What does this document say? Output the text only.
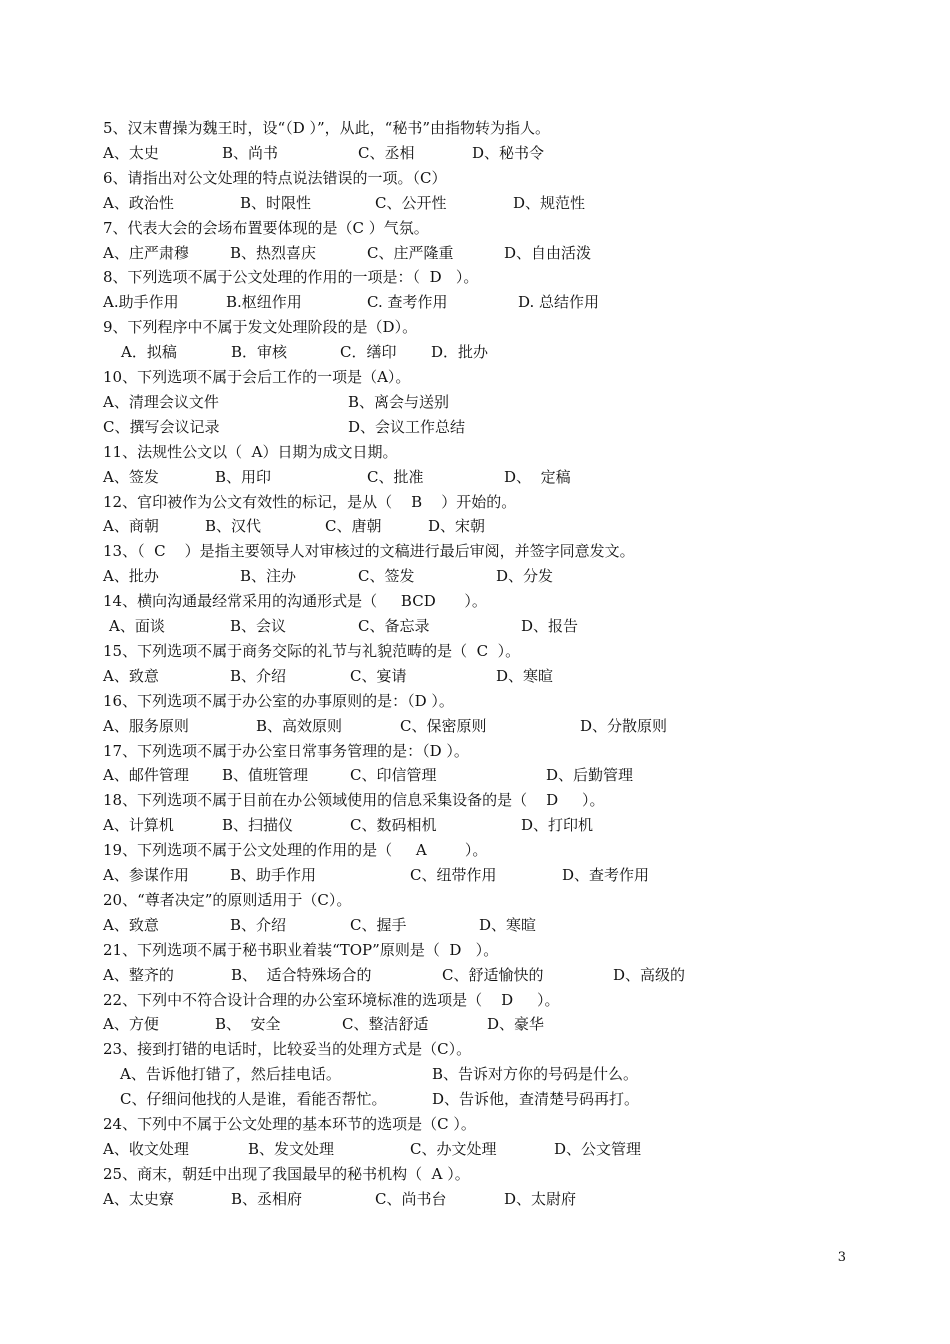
5、汉末曹操为魏王时，设“（D ）”，从此，“秘书”由指物转为指人。
A、太史	B、尚书	C、丞相	D、秘书令
6、请指出对公文处理的特点说法错误的一项。（C）
A、政治性	B、时限性	C、公开性	D、规范性
7、代表大会的会场布置要体现的是（C ）气氛。
A、庄严肃穆	B、热烈喜庆	C、庄严隆重	D、自由活泼
8、下列选项不属于公文处理的作用的一项是：（  D   ）。
A.助手作用	B.枢纽作用	C. 查考作用	D. 总结作用
9、下列程序中不属于发文处理阶段的是（D）。
A．拟稿	B．审核	C．缮印 D．批办
10、下列选项不属于会后工作的一项是（A）。
A、清理会议文件	B、离会与送别
C、撰写会议记录	D、会议工作总结
11、法规性公文以（  A）日期为成文日期。
A、签发	B、用印	C、批准	D、  定稿
12、官印被作为公文有效性的标记，是从（    B    ）开始的。
A、商朝	B、汉代	C、唐朝	D、宋朝
13、（  C    ）是指主要领导人对审核过的文稿进行最后审阅，并签字同意发文。
A、批办	B、注办	C、签发	D、分发
14、横向沟通最经常采用的沟通形式是（     BCD      ）。
A、面谈	B、会议	C、备忘录	D、报告
15、下列选项不属于商务交际的礼节与礼貌范畴的是（  C  ）。
A、致意	B、介绍	C、宴请	D、寒暄
16、下列选项不属于办公室的办事原则的是：（D ）。
A、服务原则	B、高效原则	C、保密原则	D、分散原则
17、下列选项不属于办公室日常事务管理的是：（D ）。
A、邮件管理 B、值班管理	C、印信管理	D、后勤管理
18、下列选项不属于目前在办公领域使用的信息采集设备的是（    D     ）。
A、计算机	B、扫描仪	C、数码相机	D、打印机
19、下列选项不属于公文处理的作用的是（     A        ）。
A、参谋作用	B、助手作用	C、纽带作用	D、查考作用
20、“尊者决定”的原则适用于（C）。
A、致意	B、介绍	C、握手	D、寒暄
21、下列选项不属于秘书职业着装“TOP”原则是（  D   ）。
A、整齐的	B、  适合特殊场合的	C、舒适愉快的	D、高级的
22、下列中不符合设计合理的办公室环境标准的选项是（    D     ）。
A、方便	B、  安全	C、整洁舒适	D、豪华
23、接到打错的电话时，比较妥当的处理方式是（C）。
A、告诉他打错了，然后挂电话。	B、告诉对方你的号码是什么。
C、仔细问他找的人是谁，看能否帮忙。	D、告诉他，查清楚号码再打。
24、下列中不属于公文处理的基本环节的选项是（C ）。
A、收文处理	B、发文处理	C、办文处理	D、公文管理
25、商末，朝廷中出现了我国最早的秘书机构（  A ）。
A、太史寮	B、丞相府	C、尚书台	D、太尉府
3
